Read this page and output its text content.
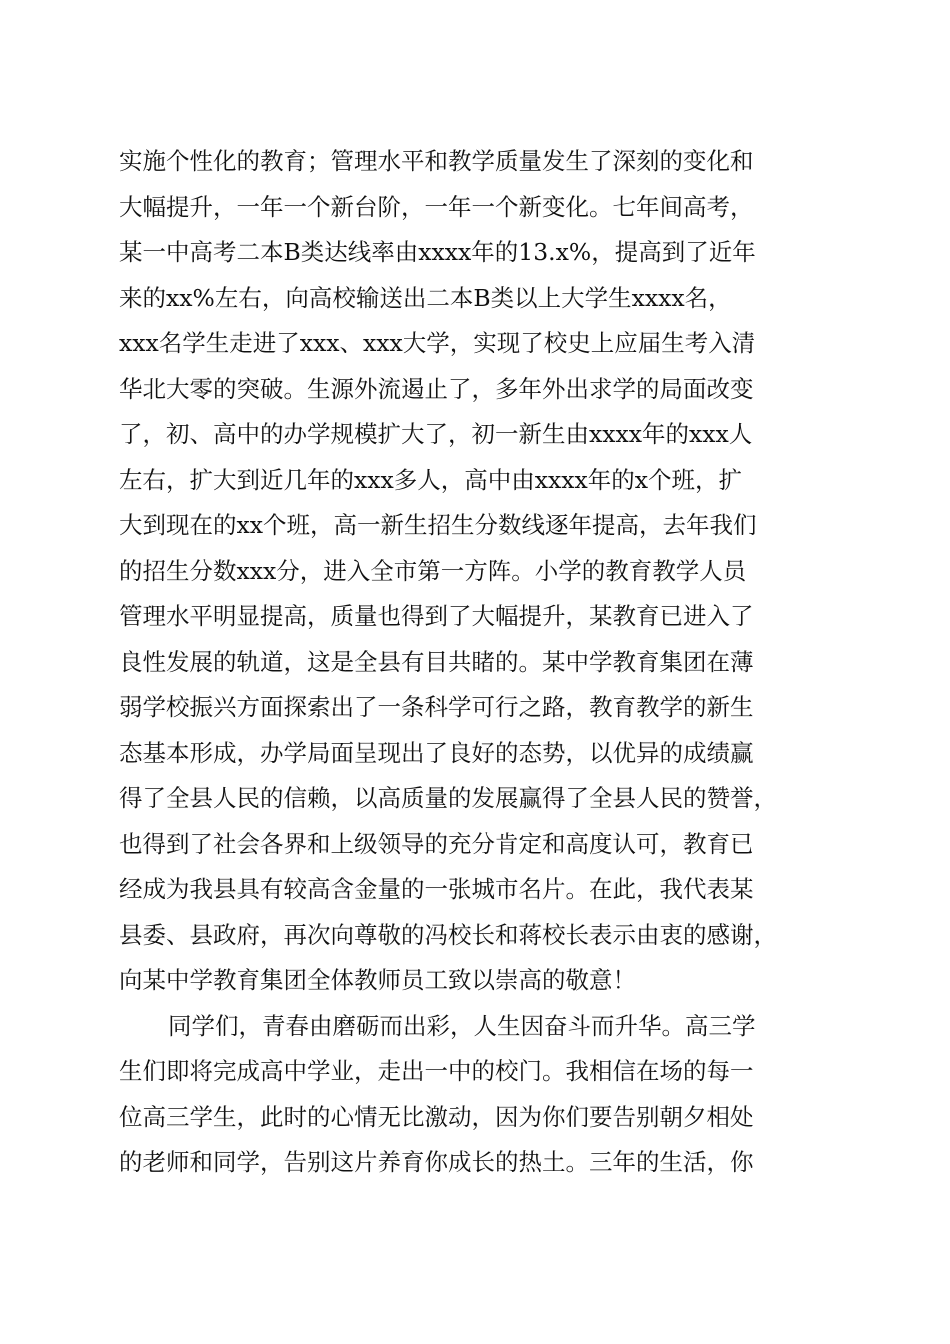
实施个性化的教育；管理水平和教学质量发生了深刻的变化和
大幅提升，一年一个新台阶，一年一个新变化。七年间高考，
某一中高考二本B类达线率由xxxx年的13.x%，提高到了近年
来的xx%左右，向高校输送出二本B类以上大学生xxxx名，
xxx名学生走进了xxx、xxx大学，实现了校史上应届生考入清
华北大零的突破。生源外流遏止了，多年外出求学的局面改变
了，初、高中的办学规模扩大了，初一新生由xxxx年的xxx人
左右，扩大到近几年的xxx多人，高中由xxxx年的x个班，扩
大到现在的xx个班，高一新生招生分数线逐年提高，去年我们
的招生分数xxx分，进入全市第一方阵。小学的教育教学人员
管理水平明显提高，质量也得到了大幅提升，某教育已进入了
良性发展的轨道，这是全县有目共睹的。某中学教育集团在薄
弱学校振兴方面探索出了一条科学可行之路，教育教学的新生
态基本形成，办学局面呈现出了良好的态势，以优异的成绩赢
得了全县人民的信赖，以高质量的发展赢得了全县人民的赞誉，
也得到了社会各界和上级领导的充分肯定和高度认可，教育已
经成为我县具有较高含金量的一张城市名片。在此，我代表某
县委、县政府，再次向尊敬的冯校长和蒋校长表示由衷的感谢，
向某中学教育集团全体教师员工致以崇高的敬意！
同学们，青春由磨砺而出彩，人生因奋斗而升华。高三学
生们即将完成高中学业，走出一中的校门。我相信在场的每一
位高三学生，此时的心情无比激动，因为你们要告别朝夕相处
的老师和同学，告别这片养育你成长的热土。三年的生活，你
